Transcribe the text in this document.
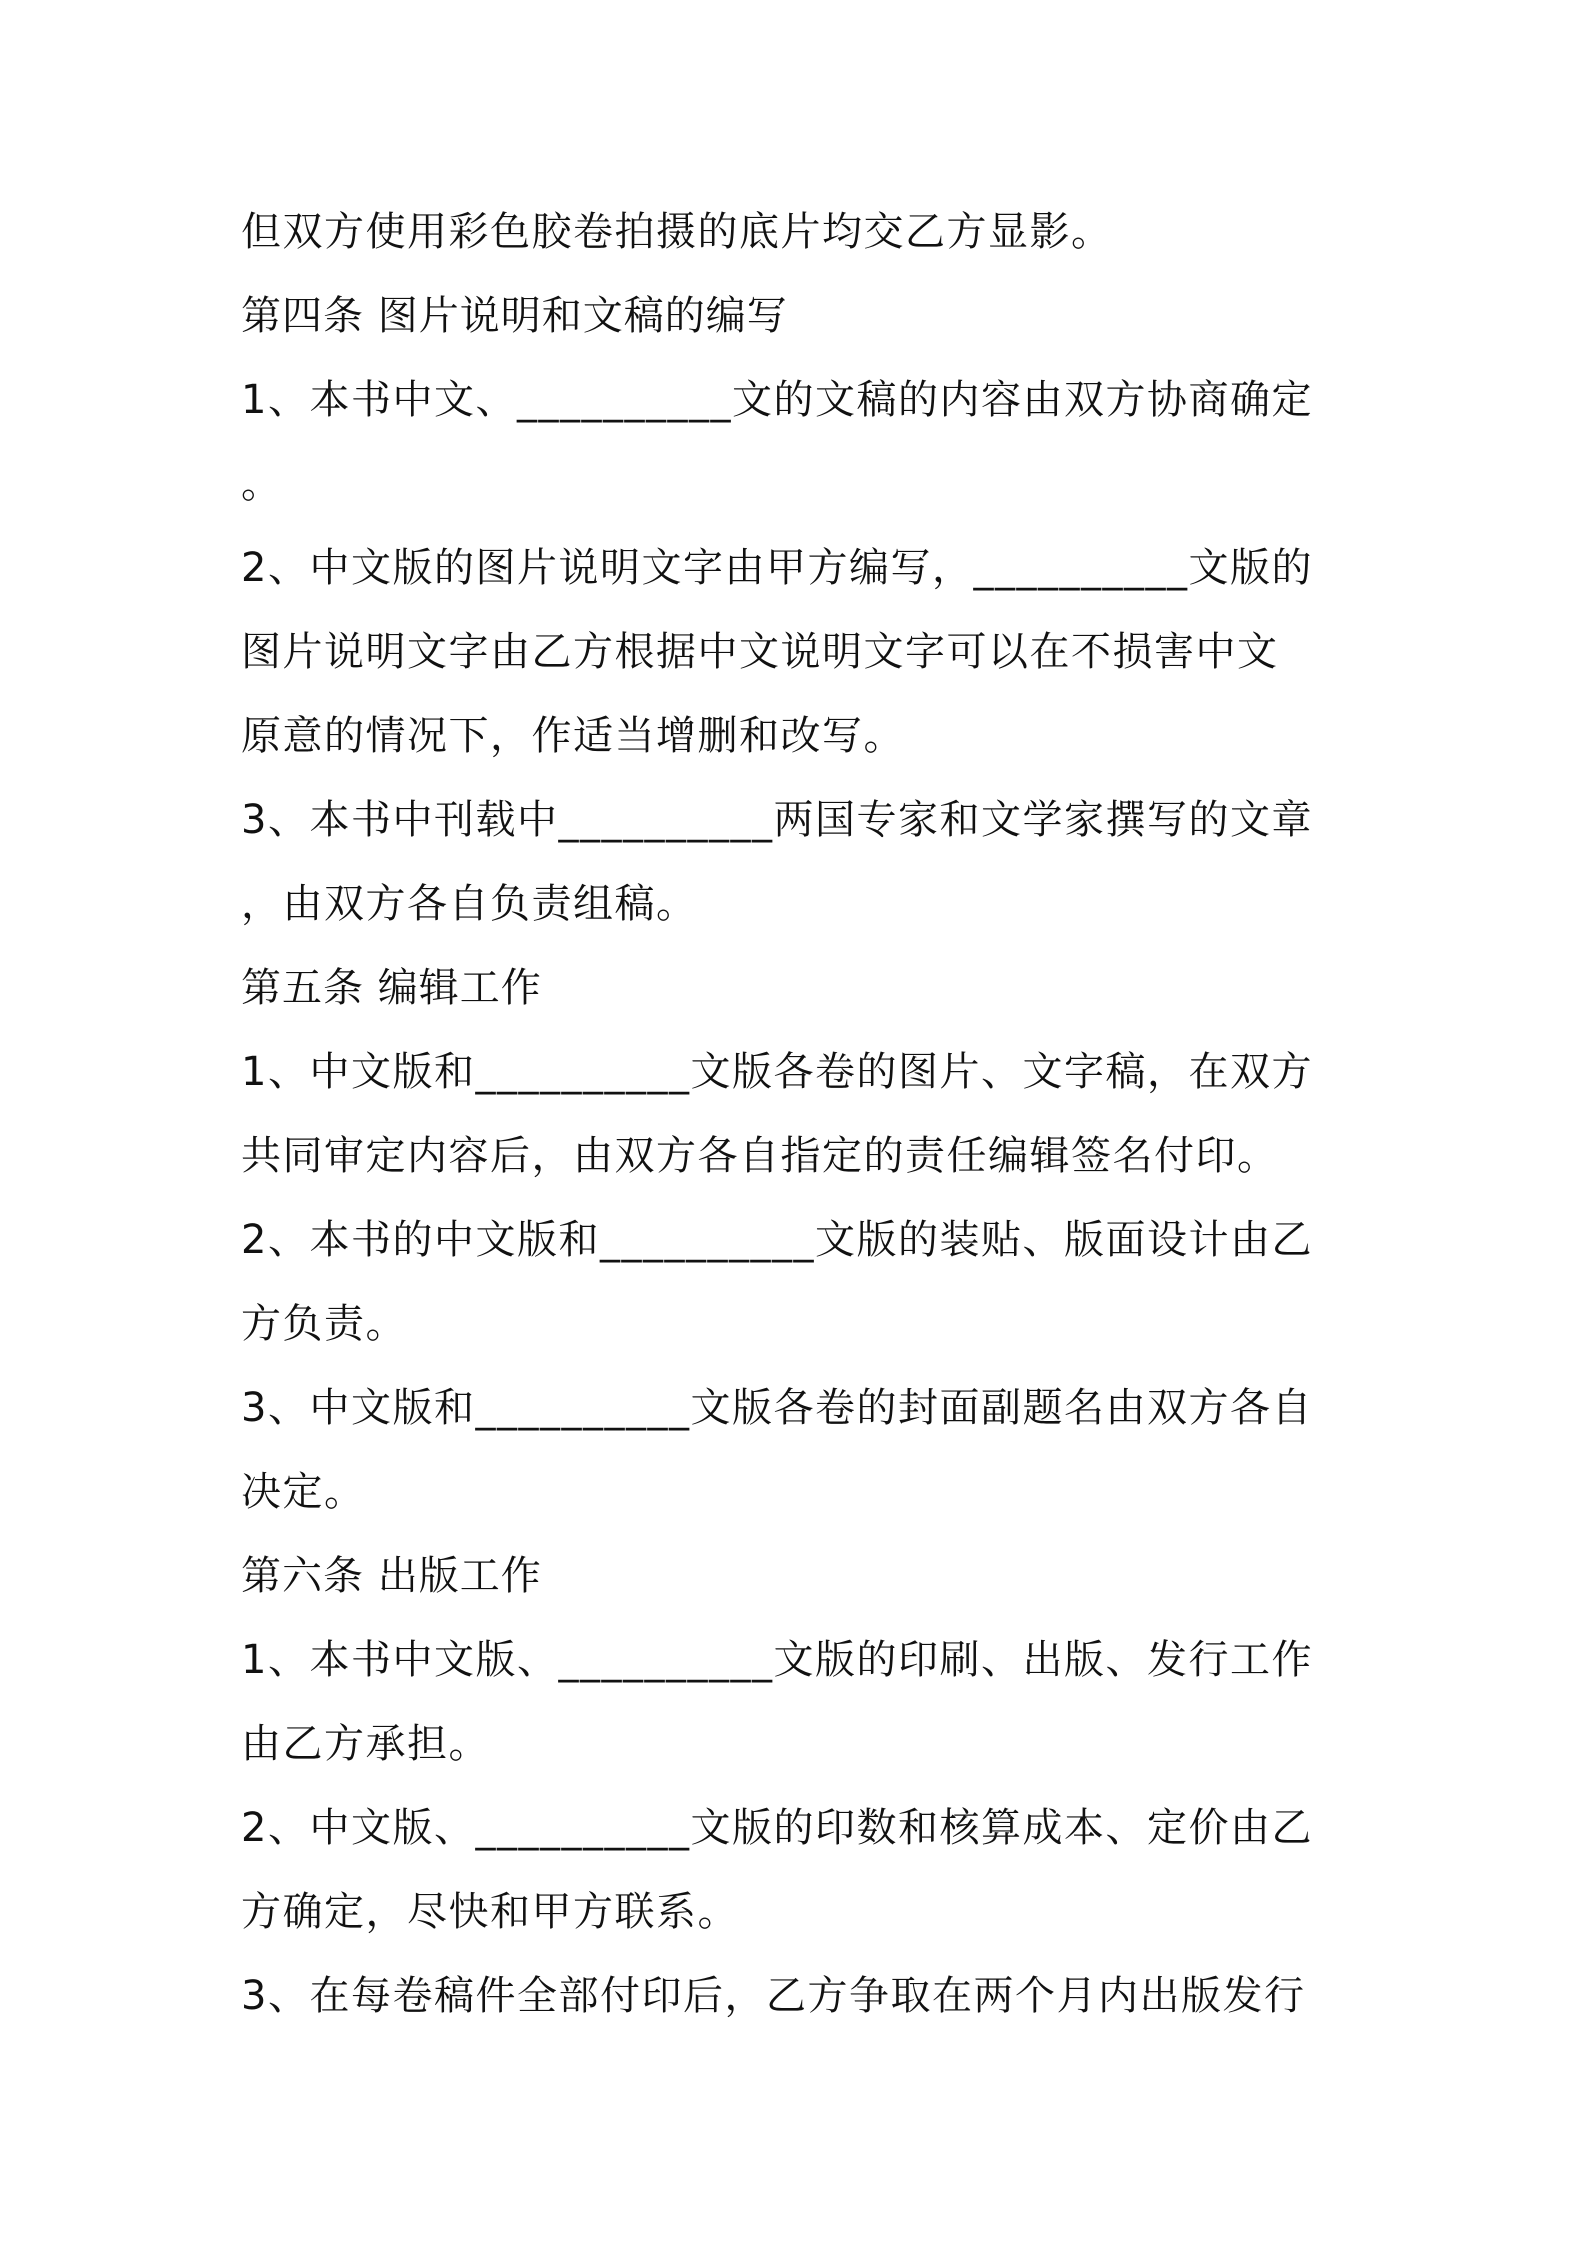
但双方使用彩色胶卷拍摄的底片均交乙方显影。
第四条 图片说明和文稿的编写
1、本书中文、__________文的文稿的内容由双方协商确定
。
2、中文版的图片说明文字由甲方编写，__________文版的
图片说明文字由乙方根据中文说明文字可以在不损害中文
原意的情况下，作适当增删和改写。
3、本书中刊载中__________两国专家和文学家撰写的文章
，由双方各自负责组稿。
第五条 编辑工作
1、中文版和__________文版各卷的图片、文字稿，在双方
共同审定内容后，由双方各自指定的责任编辑签名付印。
2、本书的中文版和__________文版的装贴、版面设计由乙
方负责。
3、中文版和__________文版各卷的封面副题名由双方各自
决定。
第六条 出版工作
1、本书中文版、__________文版的印刷、出版、发行工作
由乙方承担。
2、中文版、__________文版的印数和核算成本、定价由乙
方确定，尽快和甲方联系。
3、在每卷稿件全部付印后，乙方争取在两个月内出版发行
